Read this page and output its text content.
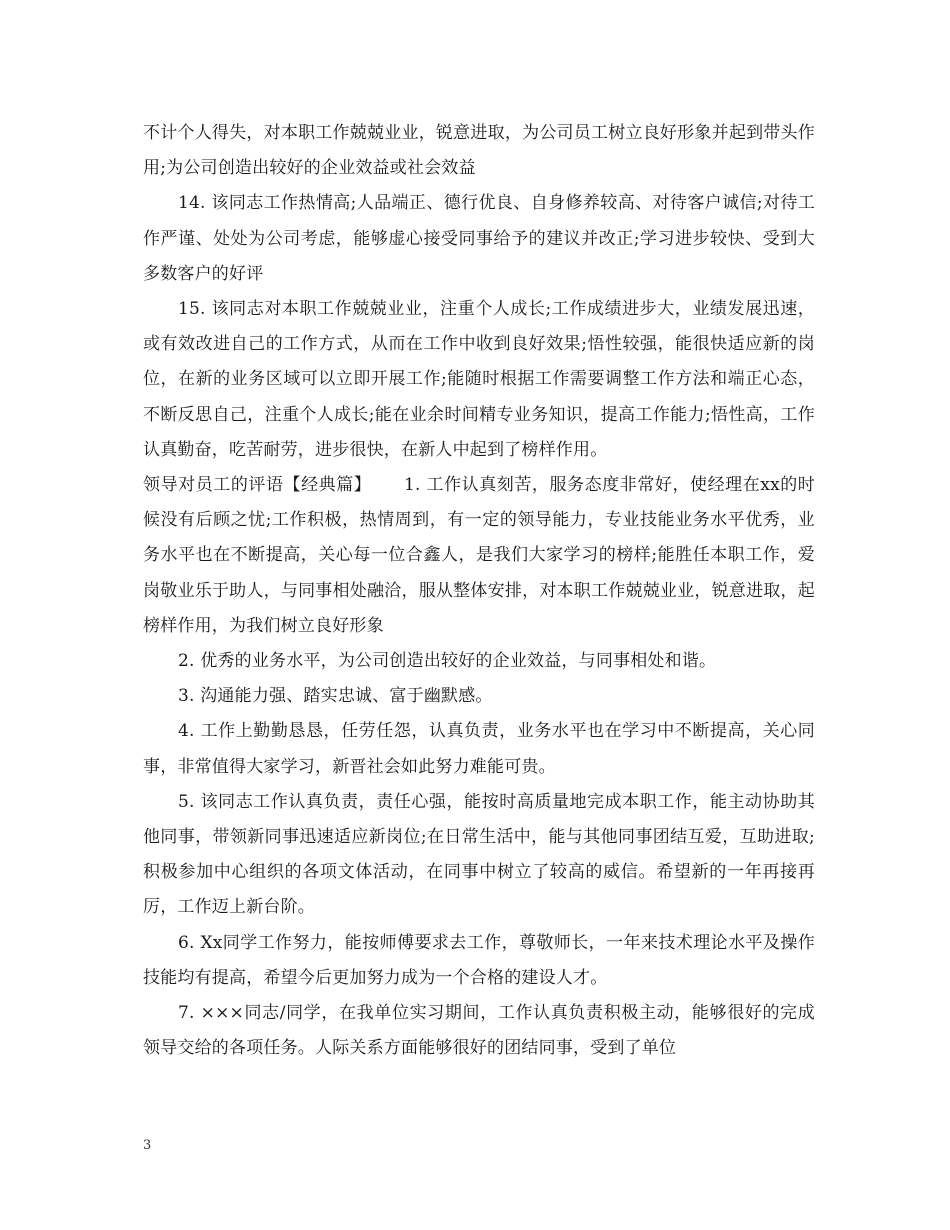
不计个人得失，对本职工作兢兢业业，锐意进取，为公司员工树立良好形象并起到带头作用;为公司创造出较好的企业效益或社会效益

14. 该同志工作热情高;人品端正、德行优良、自身修养较高、对待客户诚信;对待工作严谨、处处为公司考虑，能够虚心接受同事给予的建议并改正;学习进步较快、受到大多数客户的好评

15. 该同志对本职工作兢兢业业，注重个人成长;工作成绩进步大，业绩发展迅速，或有效改进自己的工作方式，从而在工作中收到良好效果;悟性较强，能很快适应新的岗位，在新的业务区域可以立即开展工作;能随时根据工作需要调整工作方法和端正心态，不断反思自己，注重个人成长;能在业余时间精专业务知识，提高工作能力;悟性高，工作认真勤奋，吃苦耐劳，进步很快，在新人中起到了榜样作用。

领导对员工的评语【经典篇】　　 1. 工作认真刻苦，服务态度非常好，使经理在xx的时候没有后顾之忧;工作积极，热情周到，有一定的领导能力，专业技能业务水平优秀，业务水平也在不断提高，关心每一位合鑫人，是我们大家学习的榜样;能胜任本职工作，爱岗敬业乐于助人，与同事相处融洽，服从整体安排，对本职工作兢兢业业，锐意进取，起榜样作用，为我们树立良好形象

2. 优秀的业务水平，为公司创造出较好的企业效益，与同事相处和谐。

3. 沟通能力强、踏实忠诚、富于幽默感。

4. 工作上勤勤恳恳，任劳任怨，认真负责，业务水平也在学习中不断提高，关心同事，非常值得大家学习，新晋社会如此努力难能可贵。

5. 该同志工作认真负责，责任心强，能按时高质量地完成本职工作，能主动协助其他同事，带领新同事迅速适应新岗位;在日常生活中，能与其他同事团结互爱，互助进取;积极参加中心组织的各项文体活动，在同事中树立了较高的威信。希望新的一年再接再厉，工作迈上新台阶。

6. Xx同学工作努力，能按师傅要求去工作，尊敬师长，一年来技术理论水平及操作技能均有提高，希望今后更加努力成为一个合格的建设人才。

7. ×××同志/同学，在我单位实习期间，工作认真负责积极主动，能够很好的完成领导交给的各项任务。人际关系方面能够很好的团结同事，受到了单位

3
